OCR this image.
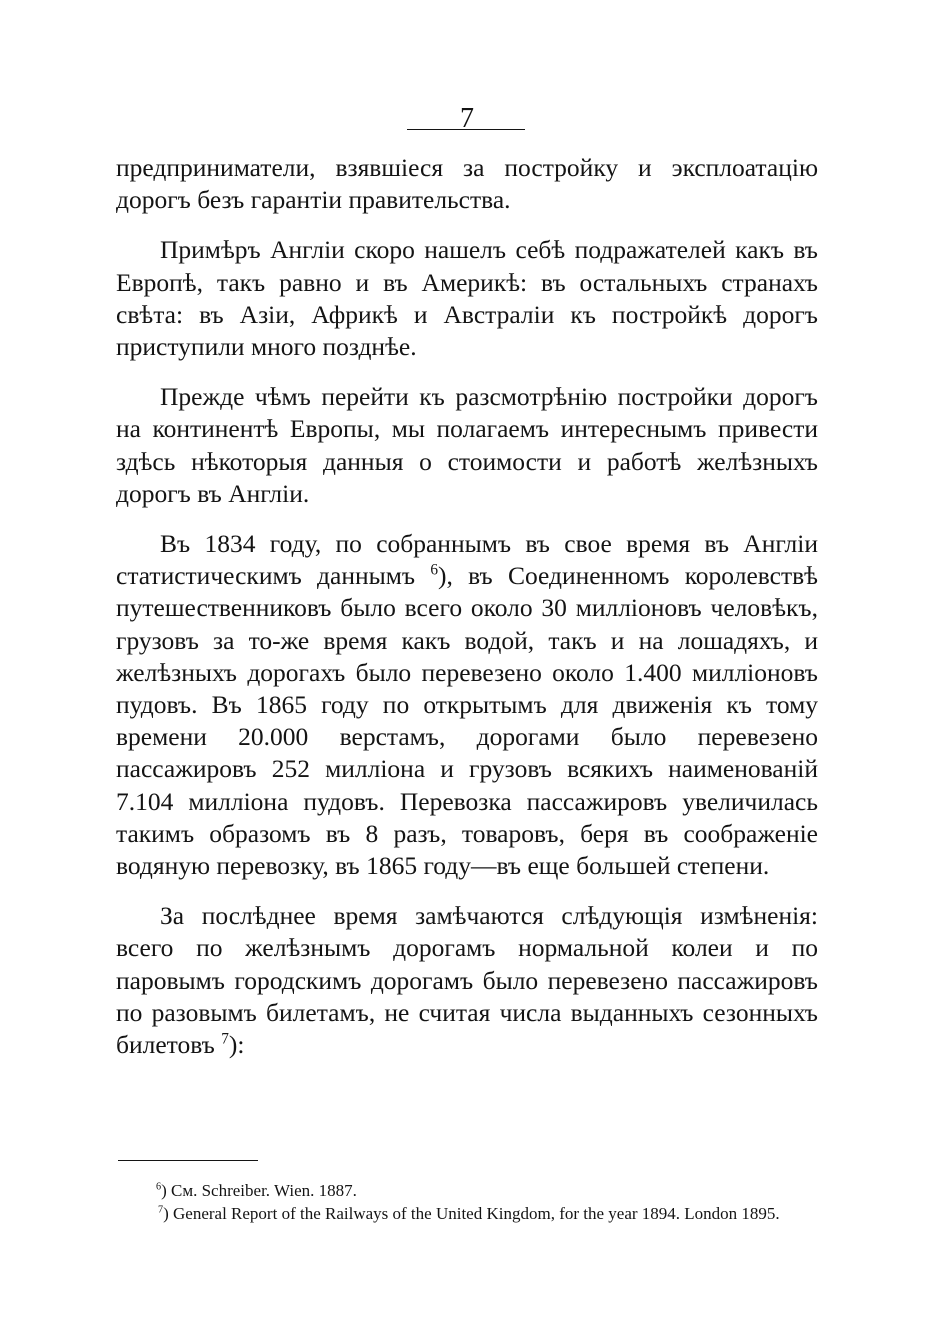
7

предприниматели, взявшіеся за постройку и эксплоатацію дорогъ безъ гарантіи правительства.

Примѣръ Англіи скоро нашелъ себѣ подражателей какъ въ Европѣ, такъ равно и въ Америкѣ: въ остальныхъ странахъ свѣта: въ Азіи, Африкѣ и Австраліи къ постройкѣ дорогъ приступили много позднѣе.

Прежде чѣмъ перейти къ разсмотрѣнію постройки дорогъ на континентѣ Европы, мы полагаемъ интереснымъ привести здѣсь нѣкоторыя данныя о стоимости и работѣ желѣзныхъ дорогъ въ Англіи.

Въ 1834 году, по собраннымъ въ свое время въ Англіи статистическимъ даннымъ $^6$), въ Соединенномъ королевствѣ путешественниковъ было всего около 30 милліоновъ человѣкъ, грузовъ за то-же время какъ водой, такъ и на лошадяхъ, и желѣзныхъ дорогахъ было перевезено около 1.400 милліоновъ пудовъ. Въ 1865 году по открытымъ для движенія къ тому времени 20.000 верстамъ, дорогами было перевезено пассажировъ 252 милліона и грузовъ всякихъ наименованій 7.104 милліона пудовъ. Перевозка пассажировъ увеличилась такимъ образомъ въ 8 разъ, товаровъ, беря въ соображеніе водяную перевозку, въ 1865 году—въ еще большей степени.

За послѣднее время замѣчаются слѣдующія измѣненія: всего по желѣзнымъ дорогамъ нормальной колеи и по паровымъ городскимъ дорогамъ было перевезено пассажировъ по разовымъ билетамъ, не считая числа выданныхъ сезонныхъ билетовъ $^7$):

$^6$) См. Schreiber. Wien. 1887.

$^7$) General Report of the Railways of the United Kingdom, for the year 1894. London 1895.
